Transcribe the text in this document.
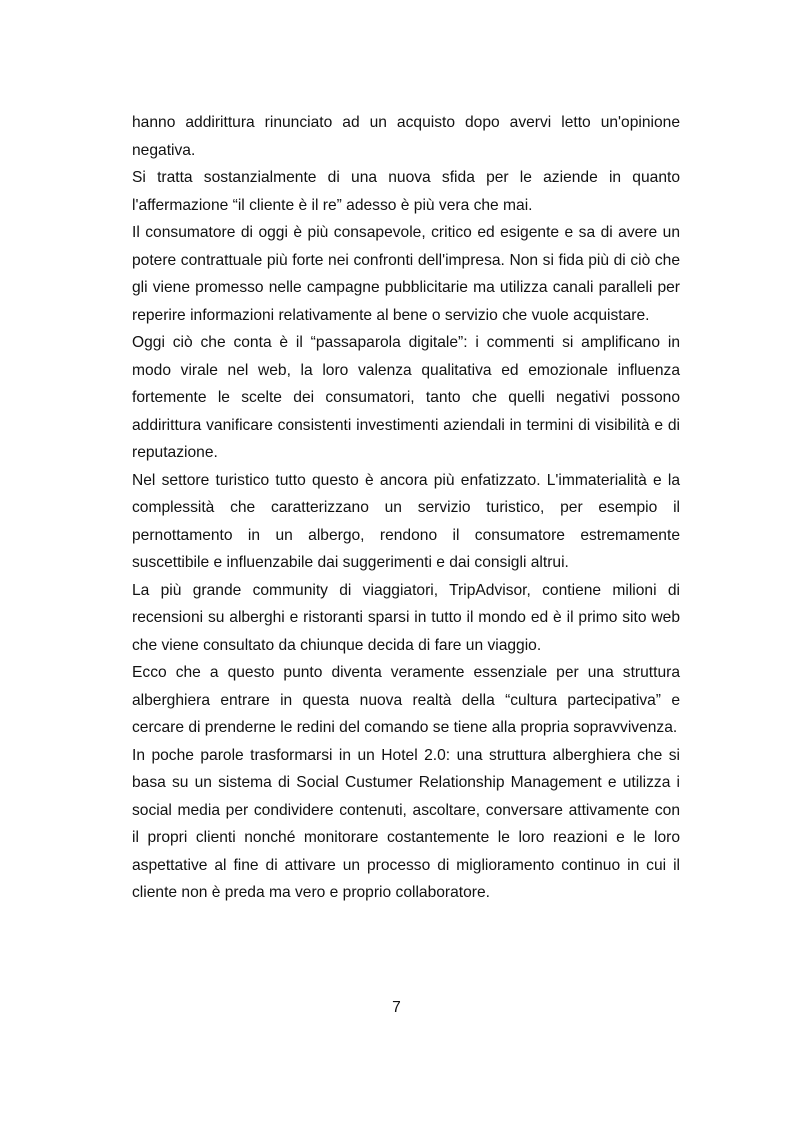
hanno addirittura rinunciato ad un acquisto dopo avervi letto un'opinione negativa.

Si tratta sostanzialmente di una nuova sfida per le aziende in quanto l'affermazione “il cliente è il re” adesso è più vera che mai.

Il consumatore di oggi è più consapevole, critico ed esigente e sa di avere un potere contrattuale più forte nei confronti dell'impresa. Non si fida più di ciò che gli viene promesso nelle campagne pubblicitarie ma utilizza canali paralleli per reperire informazioni relativamente al bene o servizio che vuole acquistare.

Oggi ciò che conta è il “passaparola digitale”: i commenti si amplificano in modo virale nel web, la loro valenza qualitativa ed emozionale influenza fortemente le scelte dei consumatori, tanto che quelli negativi possono addirittura vanificare consistenti investimenti aziendali in termini di visibilità e di reputazione.

Nel settore turistico tutto questo è ancora più enfatizzato. L'immaterialità e la complessità che caratterizzano un servizio turistico, per esempio il pernottamento in un albergo, rendono il consumatore estremamente suscettibile e influenzabile dai suggerimenti e dai consigli altrui.

La più grande community di viaggiatori, TripAdvisor, contiene milioni di recensioni su alberghi e ristoranti sparsi in tutto il mondo ed è il primo sito web che viene consultato da chiunque decida di fare un viaggio.

Ecco che a questo punto diventa veramente essenziale per una struttura alberghiera entrare in questa nuova realtà della “cultura partecipativa” e cercare di prenderne le redini del comando se tiene alla propria sopravvivenza.

In poche parole trasformarsi in un Hotel 2.0: una struttura alberghiera che si basa su un sistema di Social Custumer Relationship Management e utilizza i social media per condividere contenuti, ascoltare, conversare attivamente con il propri clienti nonché monitorare costantemente le loro reazioni e le loro aspettative al fine di attivare un processo di miglioramento continuo in cui il cliente non è preda ma vero e proprio collaboratore.

7
